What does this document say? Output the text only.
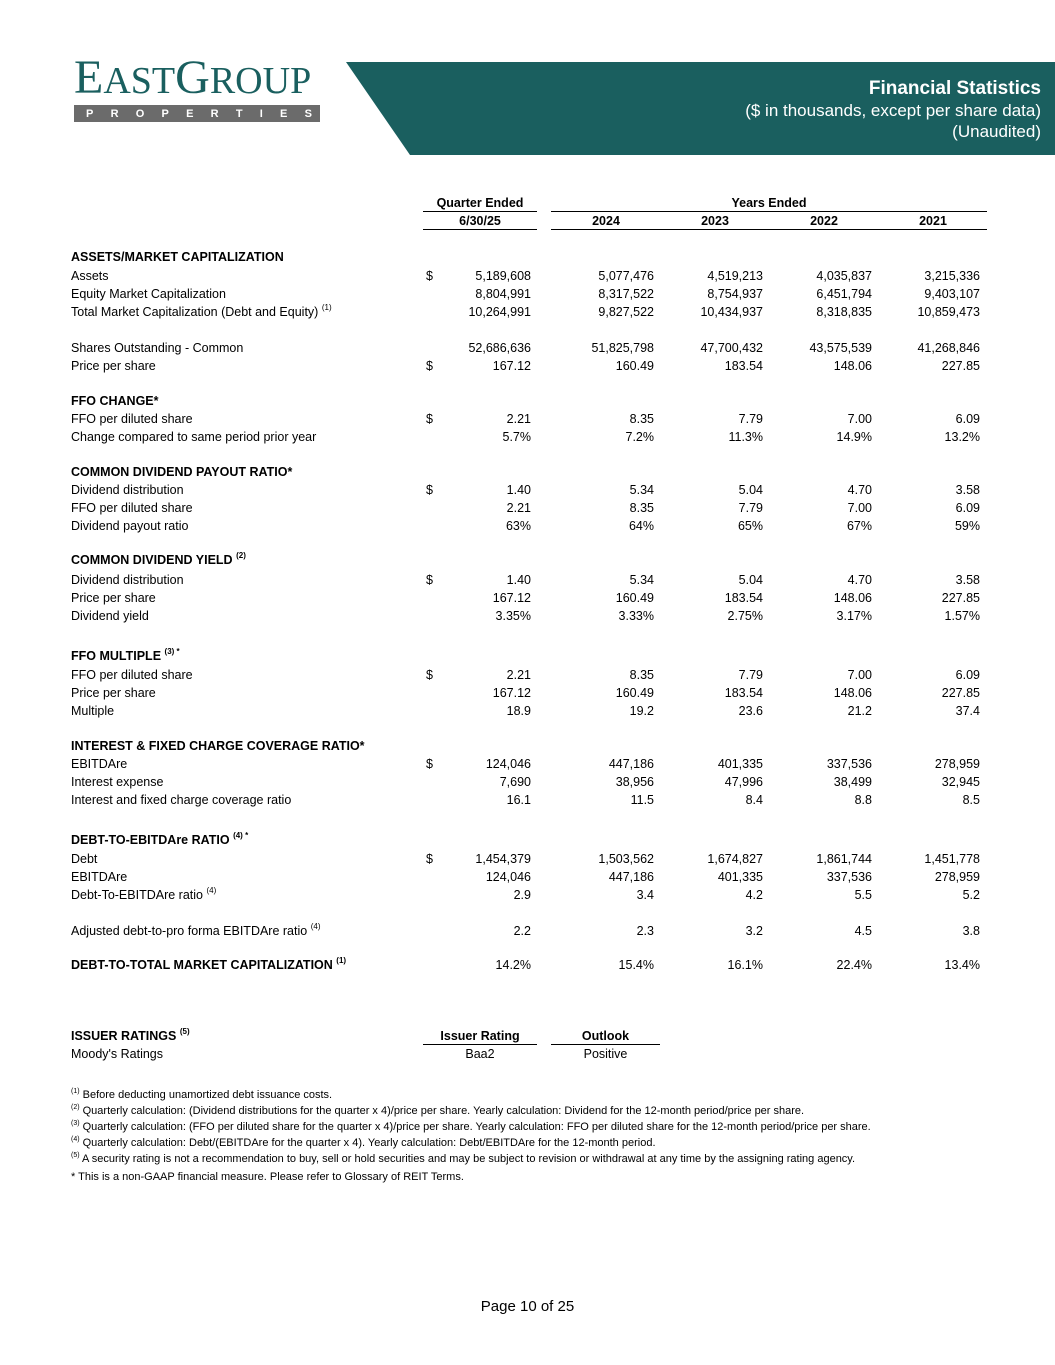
Financial Statistics
($ in thousands, except per share data)
(Unaudited)
EASTGROUP
P R O P E R T I E S
Quarter Ended	Years Ended
6/30/25	2024	2023	2022	2021
ASSETS/MARKET CAPITALIZATION
Assets	$	5,189,608	5,077,476	4,519,213	4,035,837	3,215,336
Equity Market Capitalization	8,804,991	8,317,522	8,754,937	6,451,794	9,403,107
Total Market Capitalization (Debt and Equity) $^{(1)}$	10,264,991	9,827,522	10,434,937	8,318,835	10,859,473
Shares Outstanding - Common	52,686,636	51,825,798	47,700,432	43,575,539	41,268,846
Price per share	$	167.12	160.49	183.54	148.06	227.85
FFO CHANGE*
FFO per diluted share	$	2.21	8.35	7.79	7.00	6.09
Change compared to same period prior year	5.7%	7.2%	11.3%	14.9%	13.2%
COMMON DIVIDEND PAYOUT RATIO*
Dividend distribution	$	1.40	5.34	5.04	4.70	3.58
FFO per diluted share	2.21	8.35	7.79	7.00	6.09
Dividend payout ratio	63%	64%	65%	67%	59%
COMMON DIVIDEND YIELD $^{(2)}$
Dividend distribution	$	1.40	5.34	5.04	4.70	3.58
Price per share	167.12	160.49	183.54	148.06	227.85
Dividend yield	3.35%	3.33%	2.75%	3.17%	1.57%
FFO MULTIPLE $^{(3)}$ *
FFO per diluted share	$	2.21	8.35	7.79	7.00	6.09
Price per share	167.12	160.49	183.54	148.06	227.85
Multiple	18.9	19.2	23.6	21.2	37.4
INTEREST & FIXED CHARGE COVERAGE RATIO*
EBITDAre	$	124,046	447,186	401,335	337,536	278,959
Interest expense	7,690	38,956	47,996	38,499	32,945
Interest and fixed charge coverage ratio	16.1	11.5	8.4	8.8	8.5
DEBT-TO-EBITDAre RATIO $^{(4)}$ *
Debt	$	1,454,379	1,503,562	1,674,827	1,861,744	1,451,778
EBITDAre	124,046	447,186	401,335	337,536	278,959
Debt-To-EBITDAre ratio $^{(4)}$	2.9	3.4	4.2	5.5	5.2
Adjusted debt-to-pro forma EBITDAre ratio $^{(4)}$	2.2	2.3	3.2	4.5	3.8
DEBT-TO-TOTAL MARKET CAPITALIZATION $^{(1)}$	14.2%	15.4%	16.1%	22.4%	13.4%
ISSUER RATINGS $^{(5)}$	Issuer Rating	Outlook
Moody's Ratings	Baa2	Positive
$^{(1)}$ Before deducting unamortized debt issuance costs.
$^{(2)}$ Quarterly calculation: (Dividend distributions for the quarter x 4)/price per share. Yearly calculation: Dividend for the 12-month period/price per share.
$^{(3)}$ Quarterly calculation: (FFO per diluted share for the quarter x 4)/price per share. Yearly calculation: FFO per diluted share for the 12-month period/price per share.
$^{(4)}$ Quarterly calculation: Debt/(EBITDAre for the quarter x 4). Yearly calculation: Debt/EBITDAre for the 12-month period.
$^{(5)}$ A security rating is not a recommendation to buy, sell or hold securities and may be subject to revision or withdrawal at any time by the assigning rating agency.
* This is a non-GAAP financial measure. Please refer to Glossary of REIT Terms.
Page 10 of 25
